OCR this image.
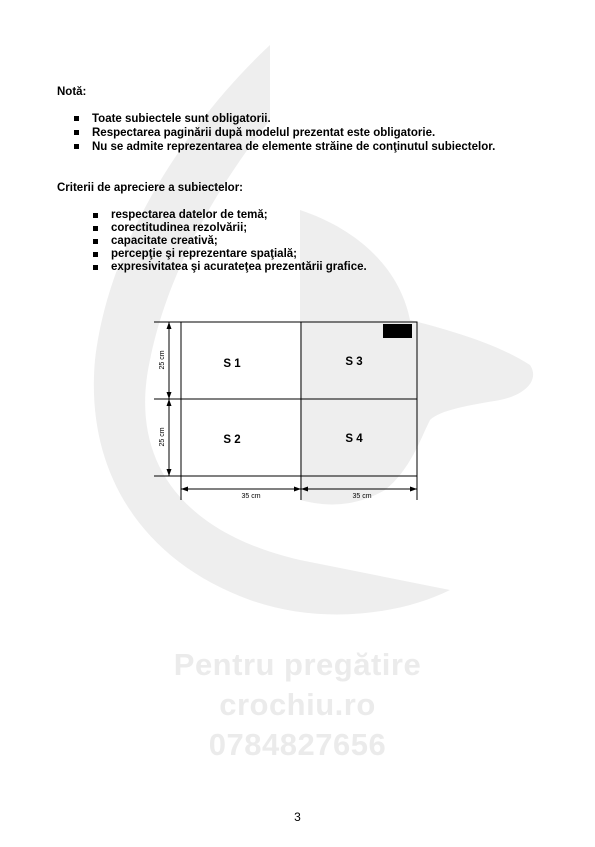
Pentru pregătire
crochiu.ro
0784827656
Notă:
Toate subiectele sunt obligatorii.
Respectarea paginării după modelul prezentat este obligatorie.
Nu se admite reprezentarea de elemente străine de conţinutul subiectelor.
Criterii de apreciere a subiectelor:
respectarea datelor de temă;
corectitudinea rezolvării;
capacitate creativă;
percepţie şi reprezentare spaţială;
expresivitatea şi acurateţea prezentării grafice.
S 1	S 3
S 2	S 4
25 cm
25 cm
35 cm	35 cm
3
